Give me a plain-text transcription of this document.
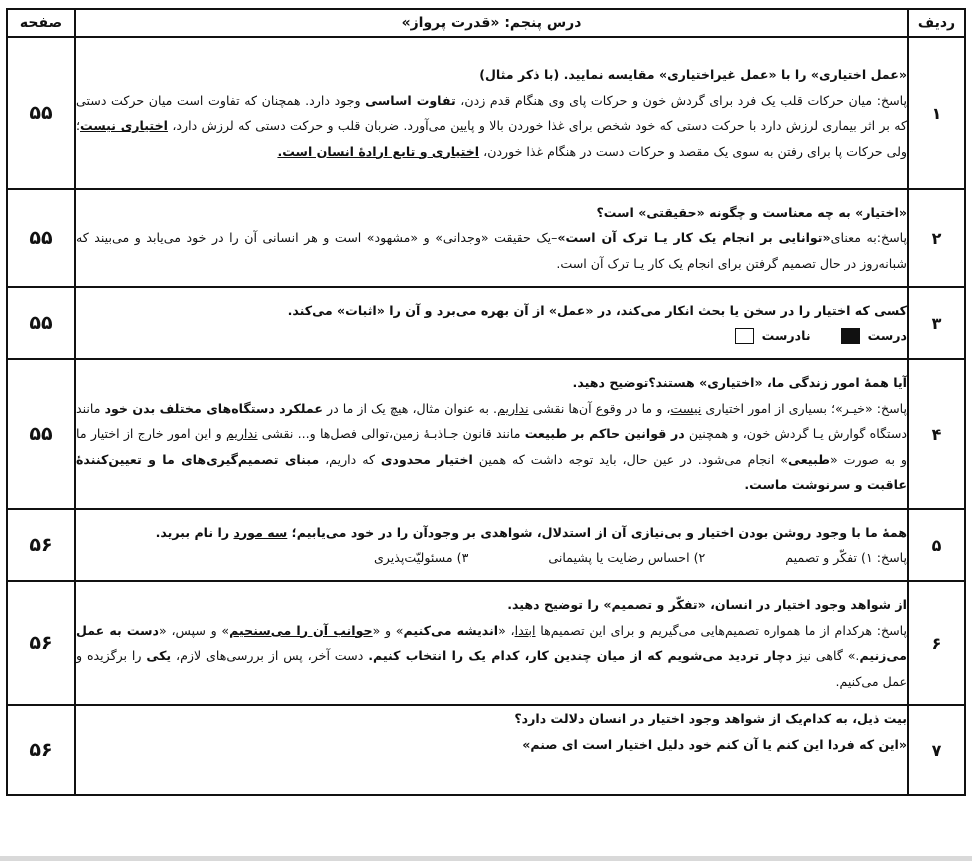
ردیف	درس پنجم: «قدرت پرواز»	صفحه
۱	«عمل اختیاری» را با «عمل غیراختیاری» مقایسه نمایید. (با ذکر مثال)
پاسخ: میان حرکات قلب یک فرد برای گردش خون و حرکات پای وی هنگام قدم زدن، تفاوت اساسی وجود دارد. همچنان که تفاوت است میان حرکت دستی که بر اثر بیماری لرزش دارد با حرکت دستی که خود شخص برای غذا خوردن بالا و پایین می‌آورد. ضربان قلب و حرکت دستی که لرزش دارد، اختیاری نیست؛ ولی حرکات پا برای رفتن به سوی یک مقصد و حرکات دست در هنگام غذا خوردن، اختیاری و تابع ارادهٔ انسان است.	۵۵
۲	«اختیار» به چه معناست و چگونه «حقیقتی» است؟
پاسخ:به معنای«توانایی بر انجام یک کار یـا ترک آن است»–یک حقیقت «وجدانی» و «مشهود» است و هر انسانی آن را در خود می‌یابد و می‌بیند که شبانه‌روز در حال تصمیم گرفتن برای انجام یک کار یـا ترک آن است.	۵۵
۳	کسی که اختیار را در سخن یا بحث انکار می‌کند، در «عمل» از آن بهره می‌برد و آن را «اثبات» می‌کند.
درست
نادرست	۵۵
۴	آیا همهٔ امور زندگی ما، «اختیاری» هستند؟توضیح دهید.
پاسخ: «خیـر»؛ بسیاری از امور اختیاری نیست، و ما در وقوع آن‌ها نقشی نداریم. به عنوان مثال، هیچ یک از ما در عملکرد دستگاه‌های مختلف بدن خود مانند دستگاه گوارش یـا گردش خون، و همچنین در قوانین حاکم بر طبیعت مانند قانون جـاذبـهٔ زمین،توالی فصل‌ها و... نقشی نداریم و این امور خارج از اختیار ما و به صورت «طبیعی» انجام می‌شود. در عین حال، باید توجه داشت که همین اختیار محدودی که داریم، مبنای تصمیم‌گیری‌های ما و تعیین‌کنندهٔ عاقبت و سرنوشت ماست.	۵۵
۵	همهٔ ما با وجود روشن بودن اختیار و بی‌نیازی آن از استدلال، شواهدی بر وجودآن را در خود می‌یابیم؛ سه مورد را نام ببرید.
پاسخ: ۱) تفکّر و تصمیم
۲) احساس رضایت یا پشیمانی
۳) مسئولیّت‌پذیری	۵۶
۶	از شواهد وجود اختیار در انسان، «تفکّر و تصمیم» را توضیح دهید.
پاسخ: هرکدام از ما همواره تصمیم‌هایی می‌گیریم و برای این تصمیم‌ها ابتدا، «اندیشه می‌کنیم» و «جوانب آن را می‌سنجیم» و سپس، «دست به عمل می‌زنیم.» گاهی نیز دچار تردید می‌شویم که از میان چندین کار، کدام یک را انتخاب کنیم. دست آخر، پس از بررسی‌های لازم، یکی را برگزیده و عمل می‌کنیم.	۵۶
۷	بیت ذیل، به کدام‌یک از شواهد وجود اختیار در انسان دلالت دارد؟
«این که فردا این کنم یا آن کنم خود دلیل اختیار است ای صنم»	۵۶
